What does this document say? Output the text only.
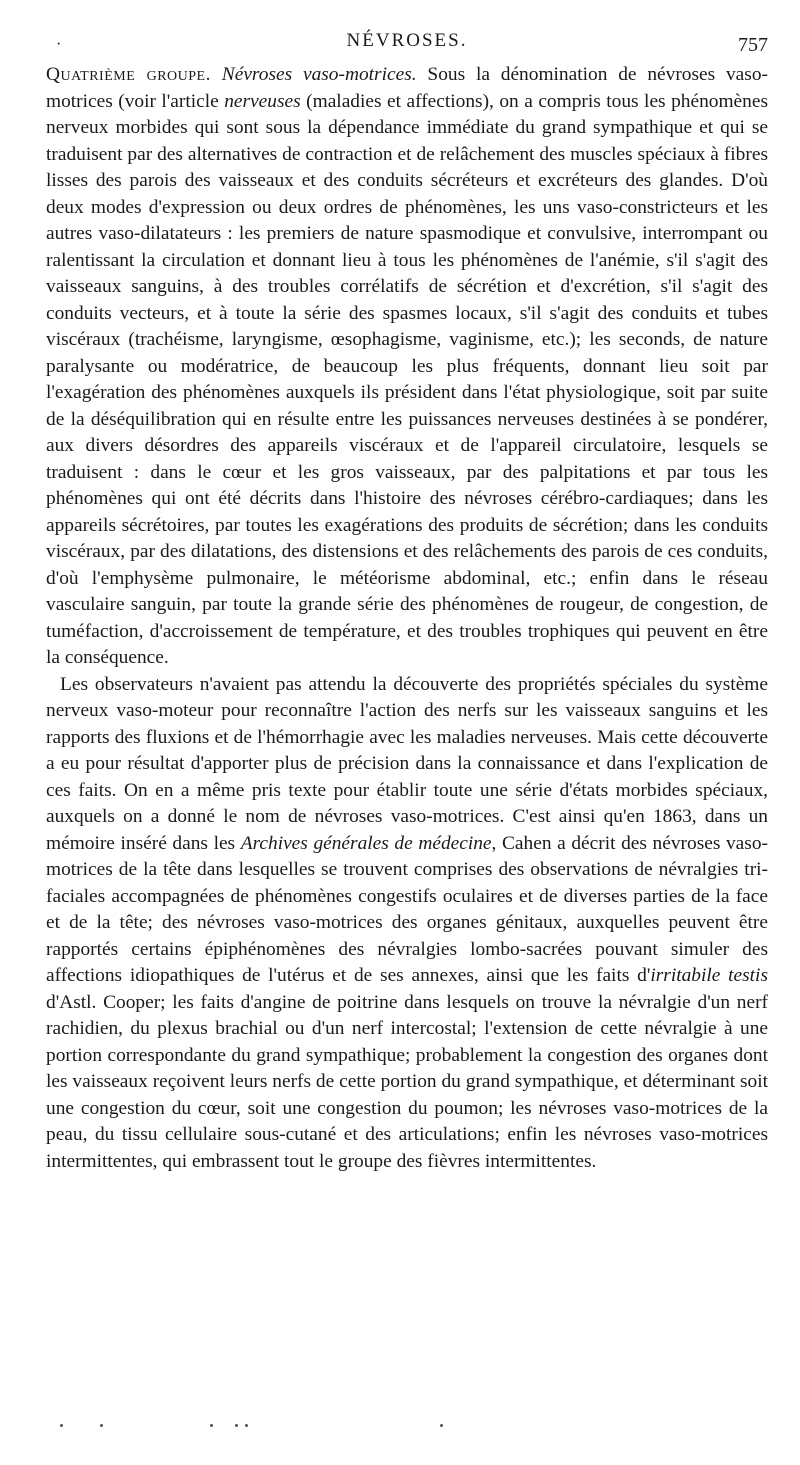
·	NÉVROSES.	757

Quatrième groupe. Névroses vaso-motrices. Sous la dénomination de névroses vaso-motrices (voir l'article nerveuses (maladies et affections), on a compris tous les phénomènes nerveux morbides qui sont sous la dépendance immédiate du grand sympathique et qui se traduisent par des alternatives de contraction et de relâchement des muscles spéciaux à fibres lisses des parois des vaisseaux et des conduits sécréteurs et excréteurs des glandes. D'où deux modes d'expression ou deux ordres de phénomènes, les uns vaso-constricteurs et les autres vaso-dilatateurs : les premiers de nature spasmodique et convulsive, interrompant ou ralentissant la circulation et donnant lieu à tous les phénomènes de l'anémie, s'il s'agit des vaisseaux sanguins, à des troubles corrélatifs de sécrétion et d'excrétion, s'il s'agit des conduits vecteurs, et à toute la série des spasmes locaux, s'il s'agit des conduits et tubes viscéraux (trachéisme, laryngisme, œsophagisme, vaginisme, etc.); les seconds, de nature paralysante ou modératrice, de beaucoup les plus fréquents, donnant lieu soit par l'exagération des phénomènes auxquels ils président dans l'état physiologique, soit par suite de la déséquilibration qui en résulte entre les puissances nerveuses destinées à se pondérer, aux divers désordres des appareils viscéraux et de l'appareil circulatoire, lesquels se traduisent : dans le cœur et les gros vaisseaux, par des palpitations et par tous les phénomènes qui ont été décrits dans l'histoire des névroses cérébro-cardiaques; dans les appareils sécrétoires, par toutes les exagérations des produits de sécrétion; dans les conduits viscéraux, par des dilatations, des distensions et des relâchements des parois de ces conduits, d'où l'emphysème pulmonaire, le météorisme abdominal, etc.; enfin dans le réseau vasculaire sanguin, par toute la grande série des phénomènes de rougeur, de congestion, de tuméfaction, d'accroissement de température, et des troubles trophiques qui peuvent en être la conséquence.

Les observateurs n'avaient pas attendu la découverte des propriétés spéciales du système nerveux vaso-moteur pour reconnaître l'action des nerfs sur les vaisseaux sanguins et les rapports des fluxions et de l'hémorrhagie avec les maladies nerveuses. Mais cette découverte a eu pour résultat d'apporter plus de précision dans la connaissance et dans l'explication de ces faits. On en a même pris texte pour établir toute une série d'états morbides spéciaux, auxquels on a donné le nom de névroses vaso-motrices. C'est ainsi qu'en 1863, dans un mémoire inséré dans les Archives générales de médecine, Cahen a décrit des névroses vaso-motrices de la tête dans lesquelles se trouvent comprises des observations de névralgies tri-faciales accompagnées de phénomènes congestifs oculaires et de diverses parties de la face et de la tête; des névroses vaso-motrices des organes génitaux, auxquelles peuvent être rapportés certains épiphénomènes des névralgies lombo-sacrées pouvant simuler des affections idiopathiques de l'utérus et de ses annexes, ainsi que les faits d'irritabile testis d'Astl. Cooper; les faits d'angine de poitrine dans lesquels on trouve la névralgie d'un nerf rachidien, du plexus brachial ou d'un nerf intercostal; l'extension de cette névralgie à une portion correspondante du grand sympathique; probablement la congestion des organes dont les vaisseaux reçoivent leurs nerfs de cette portion du grand sympathique, et déterminant soit une congestion du cœur, soit une congestion du poumon; les névroses vaso-motrices de la peau, du tissu cellulaire sous-cutané et des articulations; enfin les névroses vaso-motrices intermittentes, qui embrassent tout le groupe des fièvres intermittentes.
